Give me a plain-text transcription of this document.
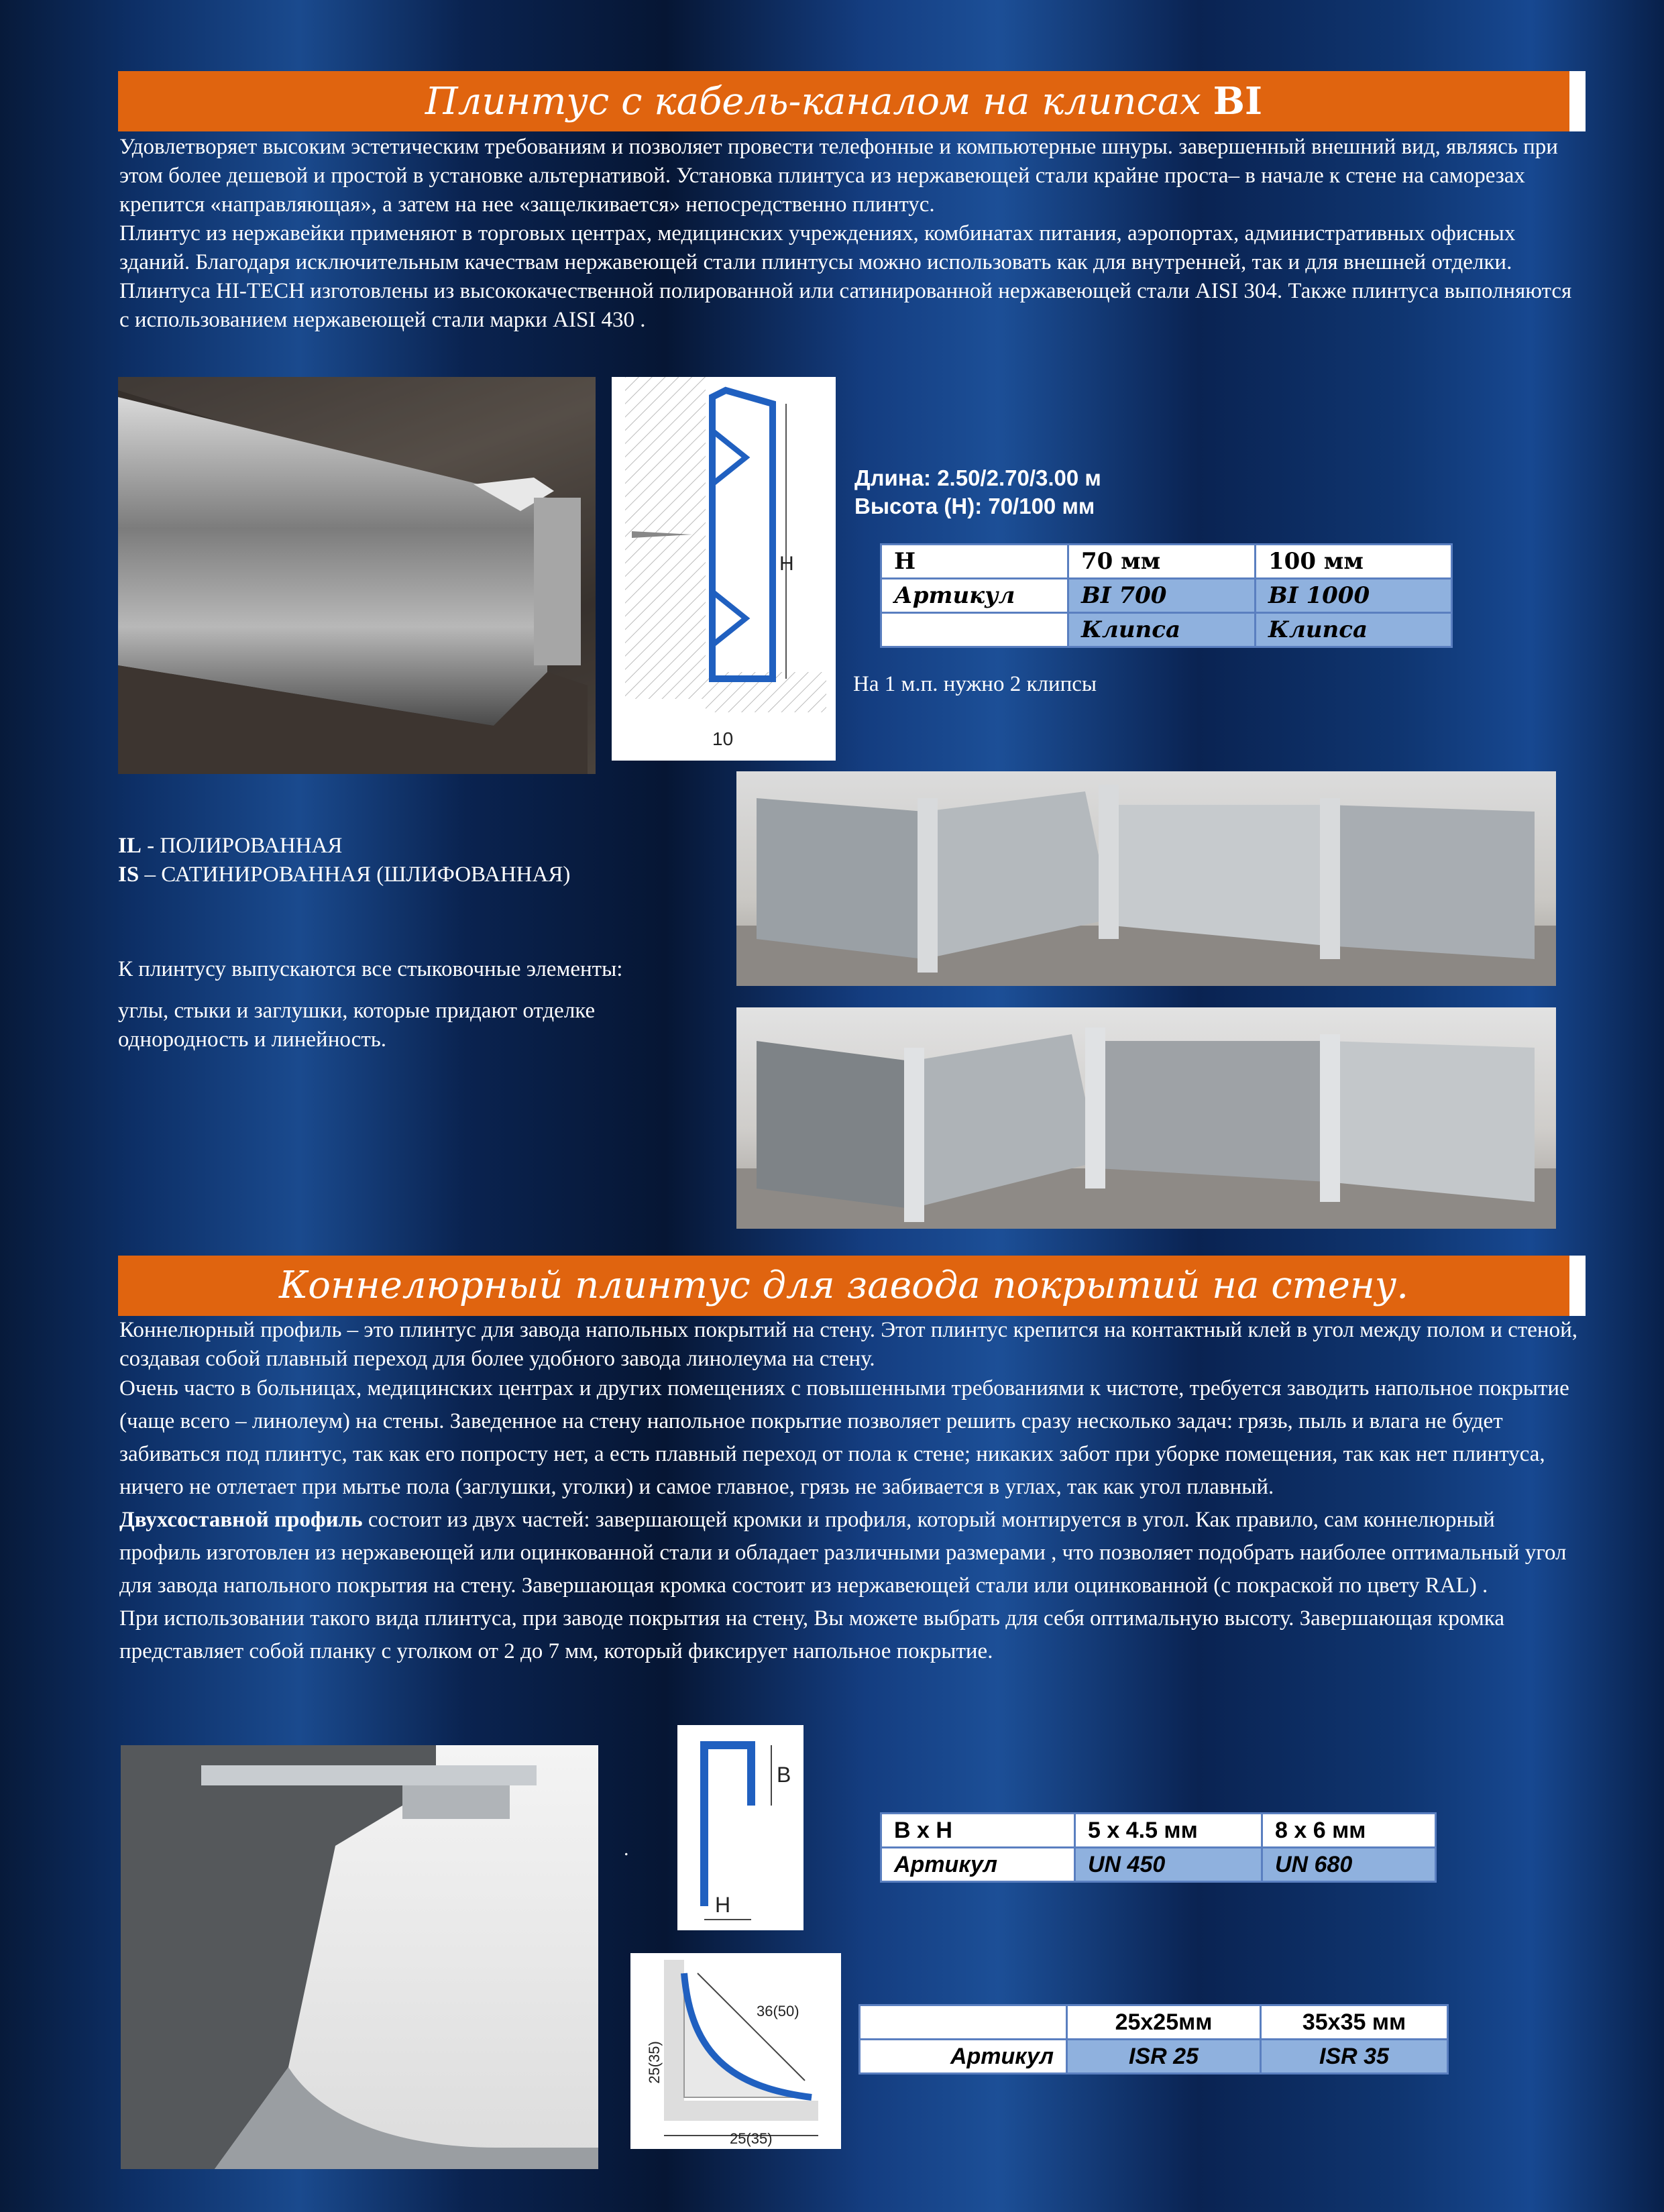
Плинтус с кабель-каналом на клипсах BI

Удовлетворяет высоким эстетическим требованиям и позволяет провести телефонные и компьютерные шнуры. завершенный внешний вид, являясь при этом более дешевой и простой в установке альтернативой. Установка плинтуса из нержавеющей стали крайне проста– в начале к стене на саморезах крепится «направляющая», а затем на нее «защелкивается» непосредственно плинтус.

Плинтус из нержавейки применяют в торговых центрах, медицинских учреждениях, комбинатах питания, аэропортах, административных офисных зданий. Благодаря исключительным качествам нержавеющей стали плинтусы можно использовать как для внутренней, так и для внешней отделки.

Плинтуса HI-TECH изготовлены из высококачественной полированной или сатинированной нержавеющей стали AISI 304. Также плинтуса выполняются с использованием нержавеющей стали марки AISI 430 .

H
10
Длина: 2.50/2.70/3.00 м
Высота (Н): 70/100 мм
H	70 мм	100 мм
Артикул	BI 700	BI 1000
	Клипса	Клипса
На 1 м.п. нужно 2 клипсы
IL - ПОЛИРОВАННАЯ
IS – САТИНИРОВАННАЯ (ШЛИФОВАННАЯ)
К плинтусу выпускаются все стыковочные элементы:
углы, стыки и заглушки, которые придают отделке однородность и линейность.
Коннелюрный плинтус для завода покрытий на стену.

Коннелюрный профиль – это плинтус для завода напольных покрытий на стену. Этот плинтус крепится на контактный клей в угол между полом и стеной, создавая собой плавный переход для более удобного завода линолеума на стену.

Очень часто в больницах, медицинских центрах и других помещениях с повышенными требованиями к чистоте, требуется заводить напольное покрытие (чаще всего – линолеум) на стены. Заведенное на стену напольное покрытие позволяет решить сразу несколько задач: грязь, пыль и влага не будет забиваться под плинтус, так как его попросту нет, а есть плавный переход от пола к стене; никаких забот при уборке помещения, так как нет плинтуса, ничего не отлетает при мытье пола (заглушки, уголки) и самое главное, грязь не забивается в углах, так как угол плавный.

Двухсоставной профиль состоит из двух частей: завершающей кромки и профиля, который монтируется в угол. Как правило, сам коннелюрный профиль изготовлен из нержавеющей или оцинкованной стали и обладает различными размерами , что позволяет подобрать наиболее оптимальный угол для завода напольного покрытия на стену. Завершающая кромка состоит из нержавеющей стали или оцинкованной (с покраской по цвету RAL) .

При использовании такого вида плинтуса, при заводе покрытия на стену, Вы можете выбрать для себя оптимальную высоту. Завершающая кромка представляет собой планку с уголком от 2 до 7 мм, который фиксирует напольное покрытие.

.
B
H
B x H	5 x 4.5 мм	8 x 6 мм
Артикул	UN 450	UN 680
36(50)
25(35)
25(35)
	25x25мм	35x35 мм
Артикул	ISR 25	ISR 35
